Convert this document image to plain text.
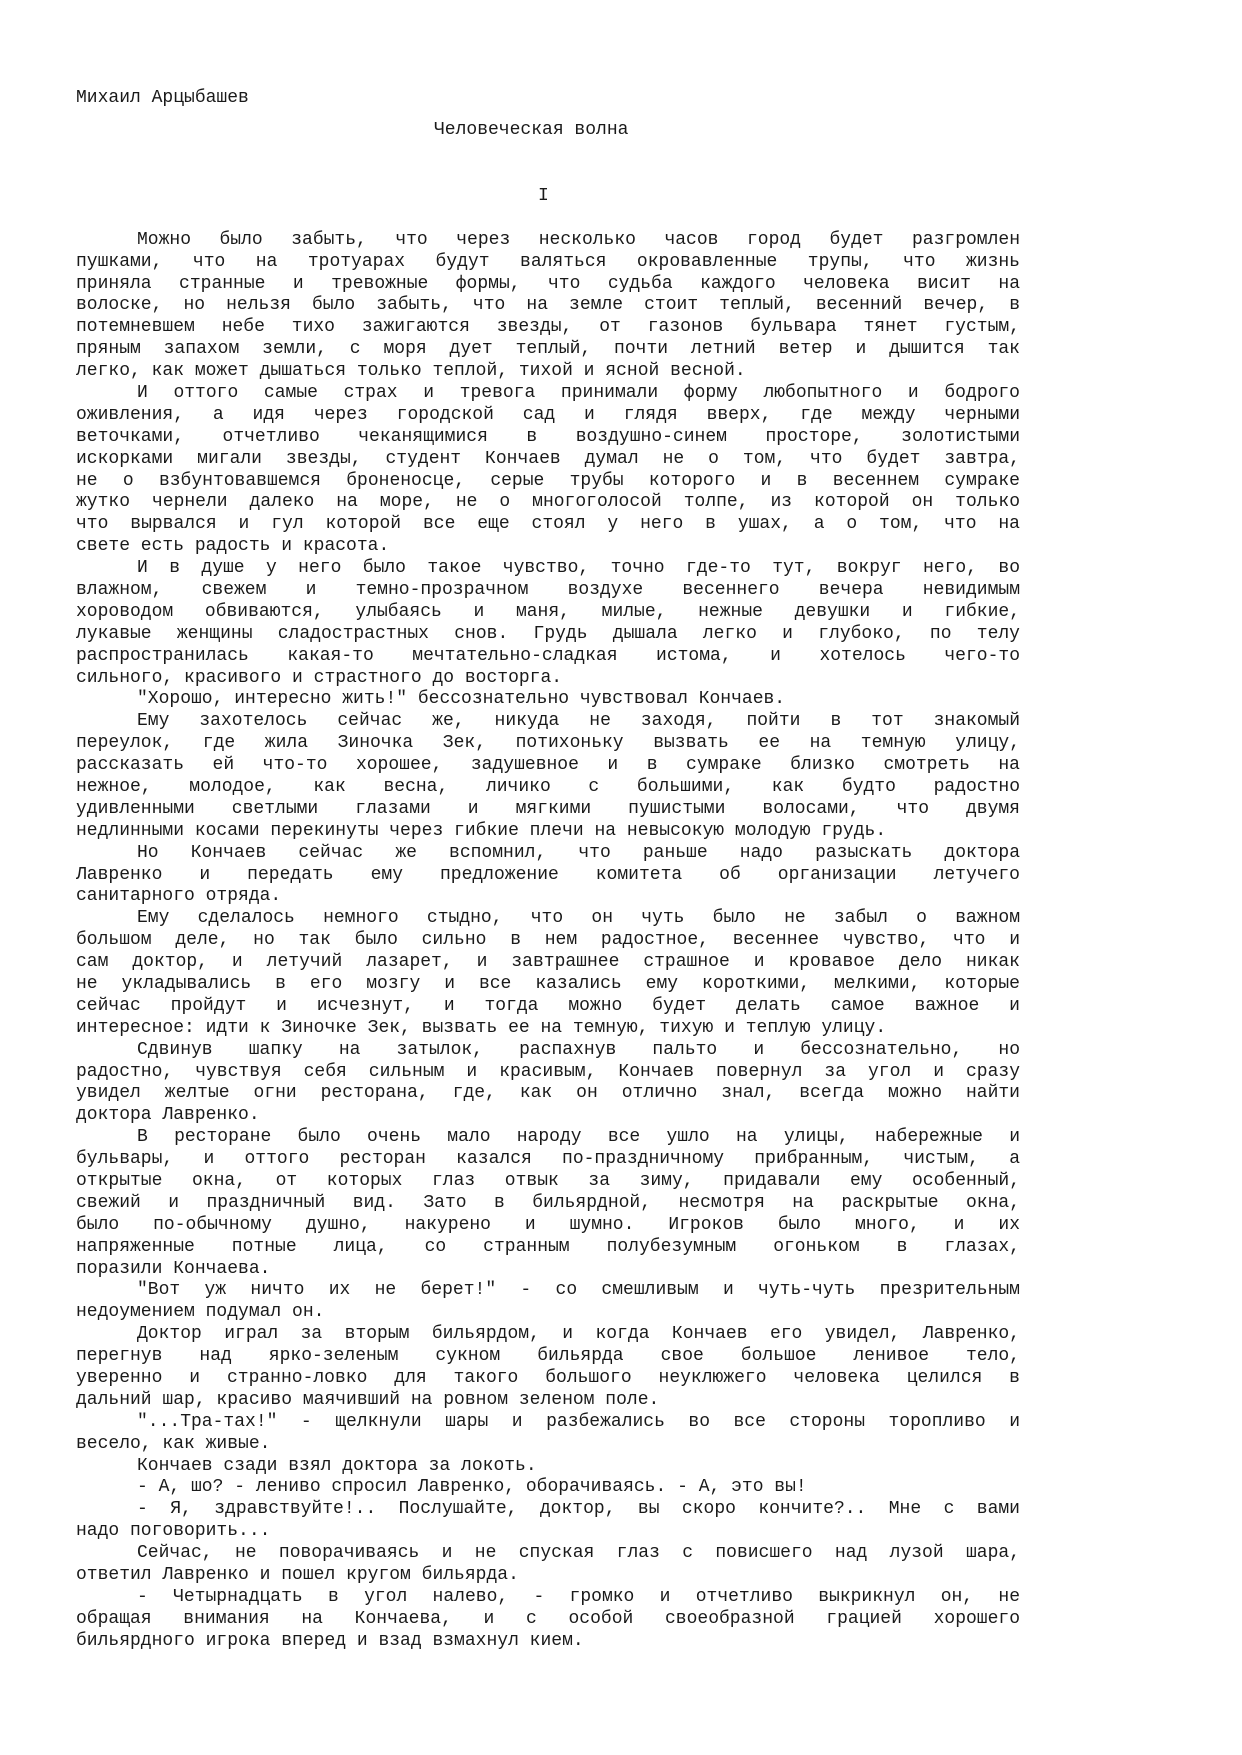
Михаил Арцыбашев
Человеческая волна
I
Можно было забыть, что через несколько часов город будет разгромлен
пушками, что на тротуарах будут валяться окровавленные трупы, что жизнь
приняла странные и тревожные формы, что судьба каждого человека висит на
волоске, но нельзя было забыть, что на земле стоит теплый, весенний вечер, в
потемневшем небе тихо зажигаются звезды, от газонов бульвара тянет густым,
пряным запахом земли, с моря дует теплый, почти летний ветер и дышится так
легко, как может дышаться только теплой, тихой и ясной весной.
И оттого самые страх и тревога принимали форму любопытного и бодрого
оживления, а идя через городской сад и глядя вверх, где между черными
веточками, отчетливо чеканящимися в воздушно-синем просторе, золотистыми
искорками мигали звезды, студент Кончаев думал не о том, что будет завтра,
не о взбунтовавшемся броненосце, серые трубы которого и в весеннем сумраке
жутко чернели далеко на море, не о многоголосой толпе, из которой он только
что вырвался и гул которой все еще стоял у него в ушах, а о том, что на
свете есть радость и красота.
И в душе у него было такое чувство, точно где-то тут, вокруг него, во
влажном, свежем и темно-прозрачном воздухе весеннего вечера невидимым
хороводом обвиваются, улыбаясь и маня, милые, нежные девушки и гибкие,
лукавые женщины сладострастных снов. Грудь дышала легко и глубоко, по телу
распространилась какая-то мечтательно-сладкая истома, и хотелось чего-то
сильного, красивого и страстного до восторга.
"Хорошо, интересно жить!" бессознательно чувствовал Кончаев.
Ему захотелось сейчас же, никуда не заходя, пойти в тот знакомый
переулок, где жила Зиночка Зек, потихоньку вызвать ее на темную улицу,
рассказать ей что-то хорошее, задушевное и в сумраке близко смотреть на
нежное, молодое, как весна, личико с большими, как будто радостно
удивленными светлыми глазами и мягкими пушистыми волосами, что двумя
недлинными косами перекинуты через гибкие плечи на невысокую молодую грудь.
Но Кончаев сейчас же вспомнил, что раньше надо разыскать доктора
Лавренко и передать ему предложение комитета об организации летучего
санитарного отряда.
Ему сделалось немного стыдно, что он чуть было не забыл о важном
большом деле, но так было сильно в нем радостное, весеннее чувство, что и
сам доктор, и летучий лазарет, и завтрашнее страшное и кровавое дело никак
не укладывались в его мозгу и все казались ему короткими, мелкими, которые
сейчас пройдут и исчезнут, и тогда можно будет делать самое важное и
интересное: идти к Зиночке Зек, вызвать ее на темную, тихую и теплую улицу.
Сдвинув шапку на затылок, распахнув пальто и бессознательно, но
радостно, чувствуя себя сильным и красивым, Кончаев повернул за угол и сразу
увидел желтые огни ресторана, где, как он отлично знал, всегда можно найти
доктора Лавренко.
В ресторане было очень мало народу все ушло на улицы, набережные и
бульвары, и оттого ресторан казался по-праздничному прибранным, чистым, а
открытые окна, от которых глаз отвык за зиму, придавали ему особенный,
свежий и праздничный вид. Зато в бильярдной, несмотря на раскрытые окна,
было по-обычному душно, накурено и шумно. Игроков было много, и их
напряженные потные лица, со странным полубезумным огоньком в глазах,
поразили Кончаева.
"Вот уж ничто их не берет!" - со смешливым и чуть-чуть презрительным
недоумением подумал он.
Доктор играл за вторым бильярдом, и когда Кончаев его увидел, Лавренко,
перегнув над ярко-зеленым сукном бильярда свое большое ленивое тело,
уверенно и странно-ловко для такого большого неуклюжего человека целился в
дальний шар, красиво маячивший на ровном зеленом поле.
"...Тра-тах!" - щелкнули шары и разбежались во все стороны торопливо и
весело, как живые.
Кончаев сзади взял доктора за локоть.
- А, шо? - лениво спросил Лавренко, оборачиваясь. - А, это вы!
- Я, здравствуйте!.. Послушайте, доктор, вы скоро кончите?.. Мне с вами
надо поговорить...
Сейчас, не поворачиваясь и не спуская глаз с повисшего над лузой шара,
ответил Лавренко и пошел кругом бильярда.
- Четырнадцать в угол налево, - громко и отчетливо выкрикнул он, не
обращая внимания на Кончаева, и с особой своеобразной грацией хорошего
бильярдного игрока вперед и взад взмахнул кием.
